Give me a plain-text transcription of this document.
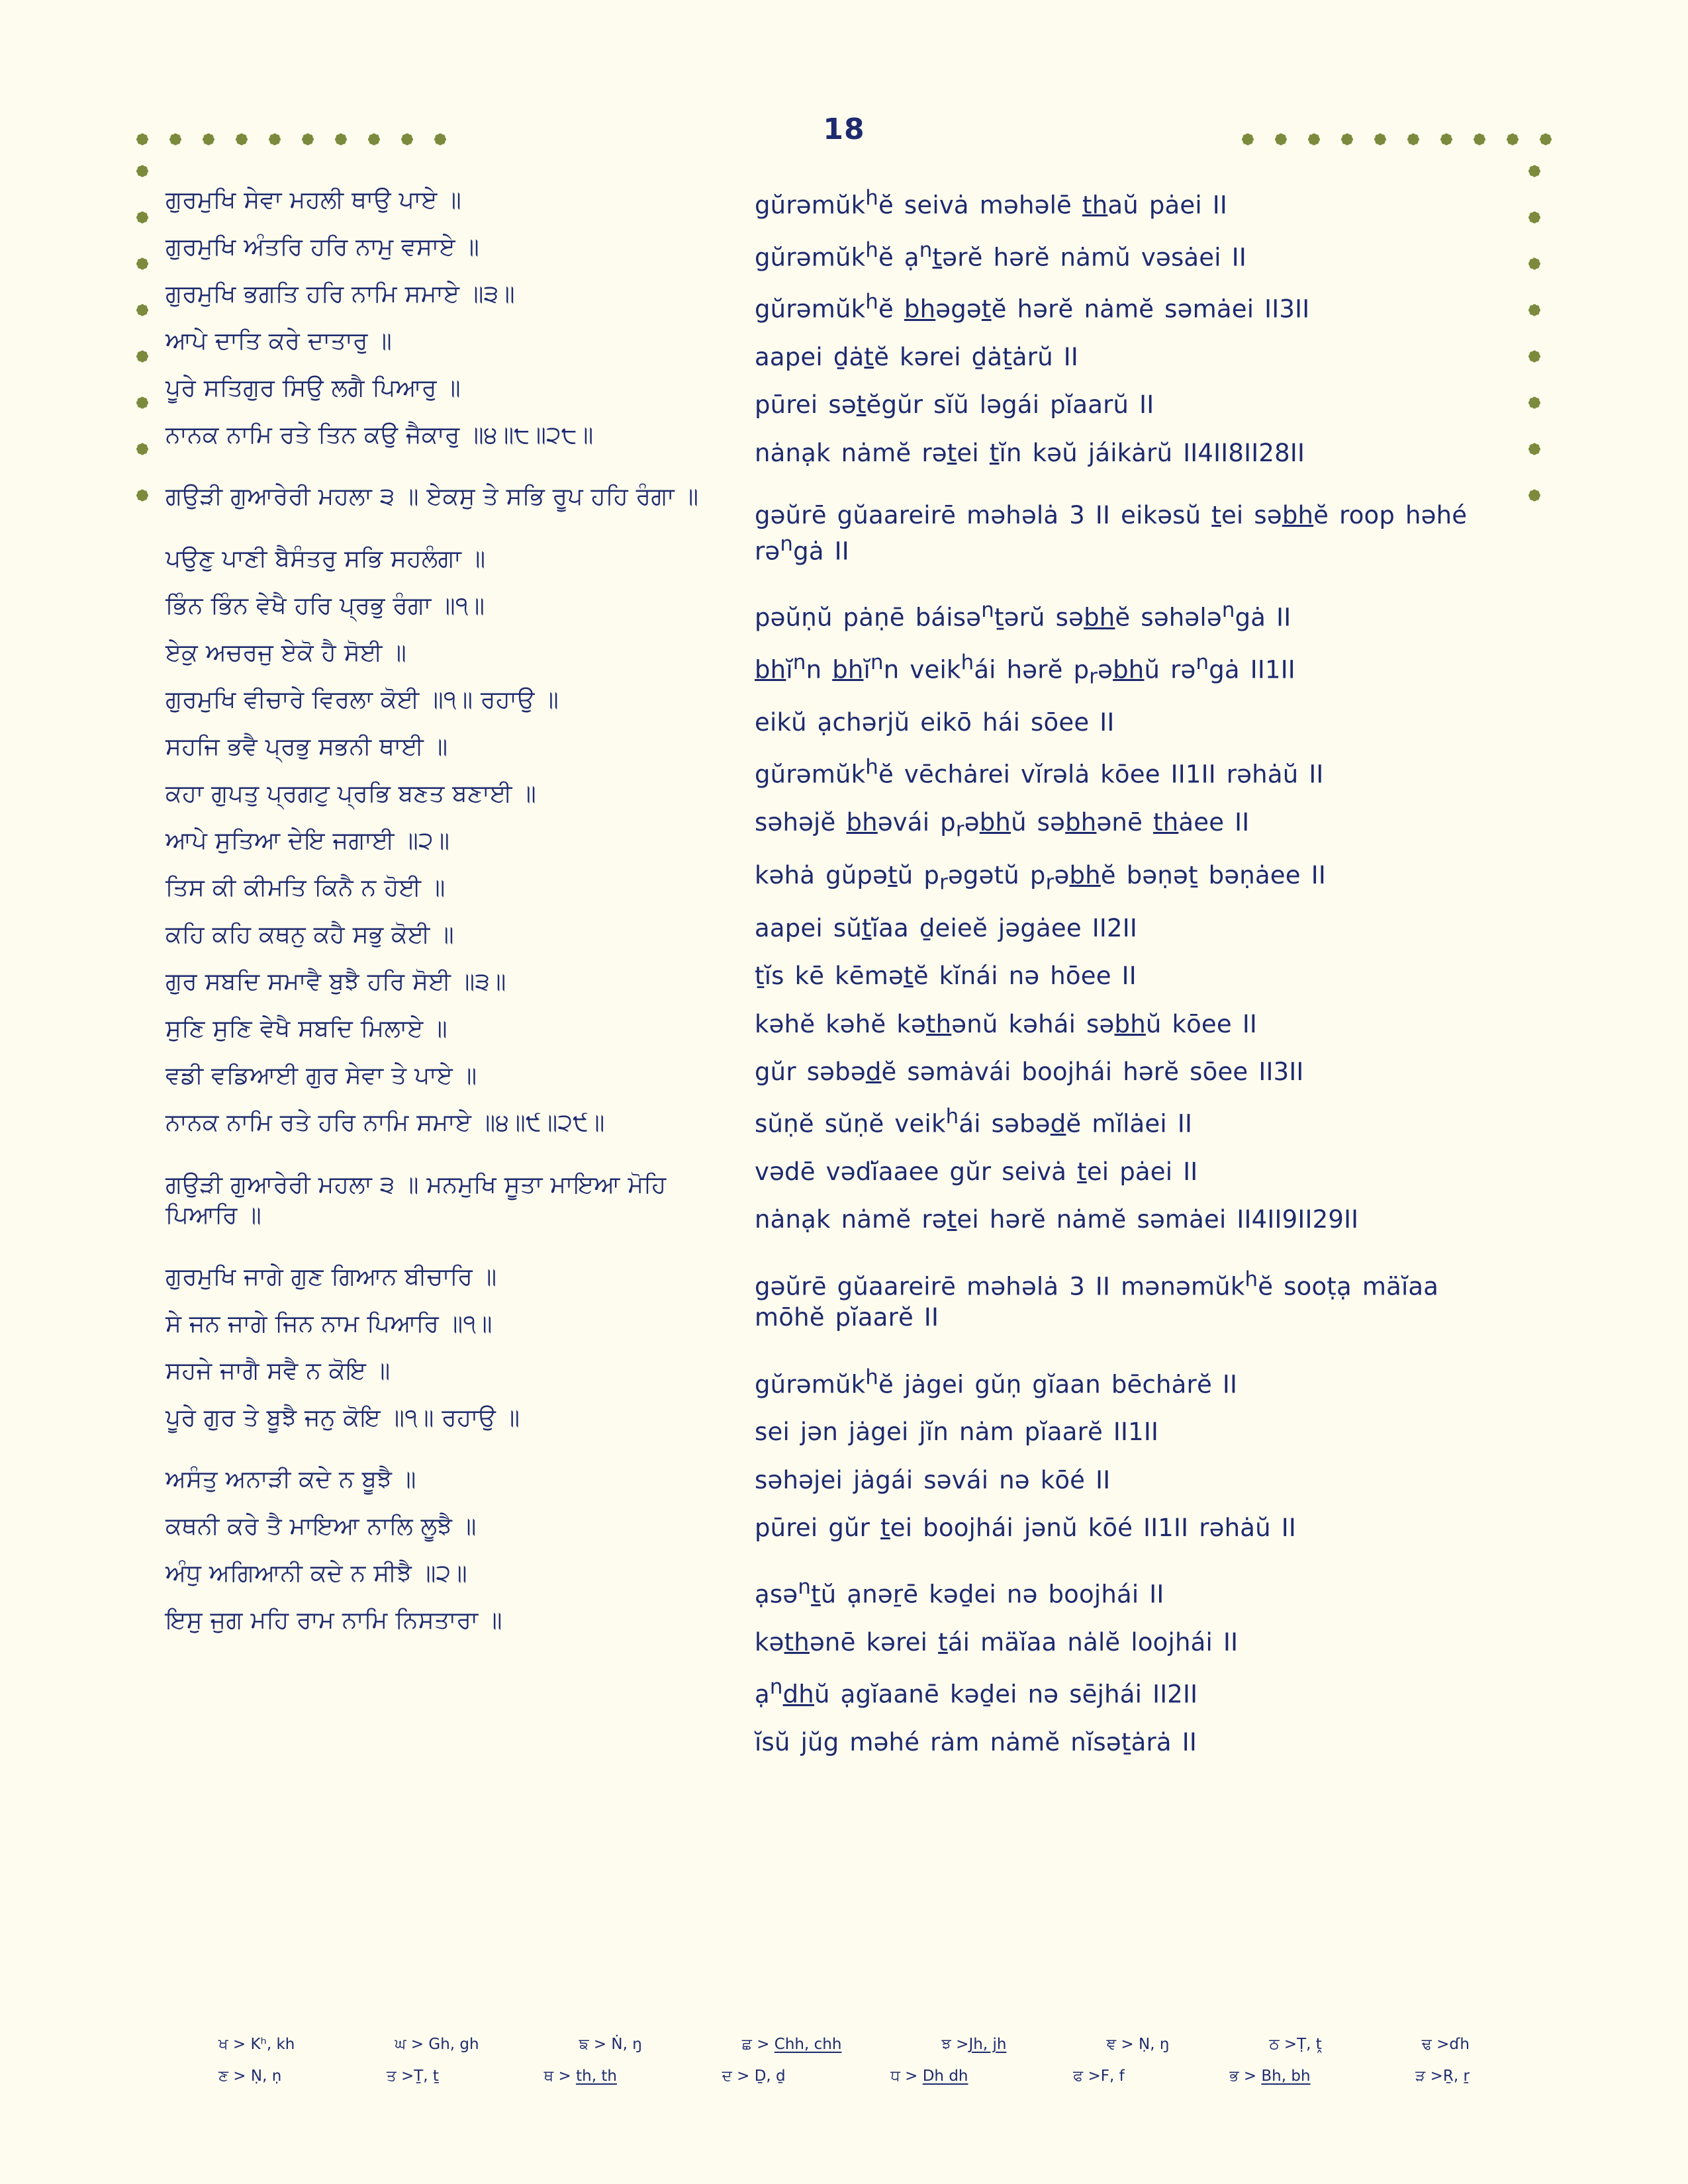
18
ਗੁਰਮੁਖਿ ਸੇਵਾ ਮਹਲੀ ਥਾਉ ਪਾਏ ॥
ਗੁਰਮੁਖਿ ਅੰਤਰਿ ਹਰਿ ਨਾਮੁ ਵਸਾਏ ॥
ਗੁਰਮੁਖਿ ਭਗਤਿ ਹਰਿ ਨਾਮਿ ਸਮਾਏ ॥੩॥
ਆਪੇ ਦਾਤਿ ਕਰੇ ਦਾਤਾਰੁ ॥
ਪੂਰੇ ਸਤਿਗੁਰ ਸਿਉ ਲਗੈ ਪਿਆਰੁ ॥
ਨਾਨਕ ਨਾਮਿ ਰਤੇ ਤਿਨ ਕਉ ਜੈਕਾਰੁ ॥੪॥੮॥੨੮॥
ਗਉੜੀ ਗੁਆਰੇਰੀ ਮਹਲਾ ੩ ॥ ਏਕਸੁ ਤੇ ਸਭਿ ਰੂਪ ਹਹਿ ਰੰਗਾ ॥
ਪਉਣੁ ਪਾਣੀ ਬੈਸੰਤਰੁ ਸਭਿ ਸਹਲੰਗਾ ॥
ਭਿੰਨ ਭਿੰਨ ਵੇਖੈ ਹਰਿ ਪ੍ਰਭੁ ਰੰਗਾ ॥੧॥
ਏਕੁ ਅਚਰਜੁ ਏਕੋ ਹੈ ਸੋਈ ॥
ਗੁਰਮੁਖਿ ਵੀਚਾਰੇ ਵਿਰਲਾ ਕੋਈ ॥੧॥ ਰਹਾਉ ॥
ਸਹਜਿ ਭਵੈ ਪ੍ਰਭੁ ਸਭਨੀ ਥਾਈ ॥
ਕਹਾ ਗੁਪਤੁ ਪ੍ਰਗਟੁ ਪ੍ਰਭਿ ਬਣਤ ਬਣਾਈ ॥
ਆਪੇ ਸੁਤਿਆ ਦੇਇ ਜਗਾਈ ॥੨॥
ਤਿਸ ਕੀ ਕੀਮਤਿ ਕਿਨੈ ਨ ਹੋਈ ॥
ਕਹਿ ਕਹਿ ਕਥਨੁ ਕਹੈ ਸਭੁ ਕੋਈ ॥
ਗੁਰ ਸਬਦਿ ਸਮਾਵੈ ਬੁਝੈ ਹਰਿ ਸੋਈ ॥੩॥
ਸੁਣਿ ਸੁਣਿ ਵੇਖੈ ਸਬਦਿ ਮਿਲਾਏ ॥
ਵਡੀ ਵਡਿਆਈ ਗੁਰ ਸੇਵਾ ਤੇ ਪਾਏ ॥
ਨਾਨਕ ਨਾਮਿ ਰਤੇ ਹਰਿ ਨਾਮਿ ਸਮਾਏ ॥੪॥੯॥੨੯॥
ਗਉੜੀ ਗੁਆਰੇਰੀ ਮਹਲਾ ੩ ॥ ਮਨਮੁਖਿ ਸੂਤਾ ਮਾਇਆ ਮੋਹਿ ਪਿਆਰਿ ॥
ਗੁਰਮੁਖਿ ਜਾਗੇ ਗੁਣ ਗਿਆਨ ਬੀਚਾਰਿ ॥
ਸੇ ਜਨ ਜਾਗੇ ਜਿਨ ਨਾਮ ਪਿਆਰਿ ॥੧॥
ਸਹਜੇ ਜਾਗੈ ਸਵੈ ਨ ਕੋਇ ॥
ਪੂਰੇ ਗੁਰ ਤੇ ਬੂਝੈ ਜਨੁ ਕੋਇ ॥੧॥ ਰਹਾਉ ॥
ਅਸੰਤੁ ਅਨਾੜੀ ਕਦੇ ਨ ਬੂਝੈ ॥
ਕਥਨੀ ਕਰੇ ਤੈ ਮਾਇਆ ਨਾਲਿ ਲੂਝੈ ॥
ਅੰਧੁ ਅਗਿਆਨੀ ਕਦੇ ਨ ਸੀਝੈ ॥੨॥
ਇਸੁ ਜੁਗ ਮਹਿ ਰਾਮ ਨਾਮਿ ਨਿਸਤਾਰਾ ॥
gŭrəmŭk$^h$ĕ seivȧ məhəlē thaŭ pȧei II
gŭrəmŭk$^h$ĕ ạ$^n$tərĕ hərĕ nȧmŭ vəsȧei II
gŭrəmŭk$^h$ĕ bhəgətĕ hərĕ nȧmĕ səmȧei II3II
aapei ḏȧtĕ kərei ḏȧṯȧrŭ II
pūrei sətĕgŭr sĭŭ ləgái pĭaarŭ II
nȧnạk nȧmĕ rətei tĭn kəŭ jáikȧrŭ II4II8II28II
gəŭrē gŭaareirē məhəlȧ 3 II eikəsŭ tei səbhĕ roop həhé rə$^n$gȧ II
pəŭṇŭ pȧṇē báisə$^n$ṯərŭ səbhĕ səhələ$^n$gȧ II
bhĭ$^n$n bhĭ$^n$n veik$^h$ái hərĕ $p_rəbhŭ$ rə$^n$gȧ II1II
eikŭ ạchərjŭ eikō hái sōee II
gŭrəmŭk$^h$ĕ vēchȧrei vĭrəlȧ kōee II1II rəhȧŭ II
səhəjĕ bhəvái $p_rəbhŭ$ səbhənē thȧee II
kəhȧ gŭpətŭ $p_rəgətŭ$ $p_rəbhĕ$ bəṇəṯ bəṇȧee II
aapei sŭtĭ̇aa ḏeieĕ jəgȧee II2II
ṯĭs kē kēmətĕ kĭnái nə hōee II
kəhĕ kəhĕ kəthənŭ kəhái səbhŭ kōee II
gŭr səbədĕ səmȧvái boojhái hərĕ sōee II3II
sŭṇĕ sŭṇĕ veik$^h$ái səbədĕ mĭlȧei II
vədē vədĭ̇aaee gŭr seivȧ tei pȧei II
nȧnạk nȧmĕ rətei hərĕ nȧmĕ səmȧei II4II9II29II
gəŭrē gŭaareirē məhəlȧ 3 II mənəmŭk$^h$ĕ sooṭạ mäĭaa mōhĕ pĭaarĕ II
gŭrəmŭk$^h$ĕ jȧgei gŭṇ gĭaan bēchȧrĕ II
sei jən jȧgei jĭn nȧm pĭaarĕ II1II
səhəjei jȧgái səvái nə kōé II
pūrei gŭr tei boojhái jənŭ kōé II1II rəhȧŭ II
ạsə$^n$tŭ ạnəṟē kəḏei nə boojhái II
kəthənē kərei tái mäĭaa nȧlĕ loojhái II
ạ$^n$dhŭ ạgĭaanē kəḏei nə sējhái II2II
ĭsŭ jŭg məhé rȧm nȧmĕ nĭsəṯȧrȧ II
ਖ > Kʰ, kh	ਘ > Gh, gh	ਙ > Ṅ, ŋ	ਛ > Chh, chh	ਝ >Jh, jh	ਞ > Ṇ, ŋ	ਠ >Ṭ, ṱ	ਢ >ɗh
ਣ > Ṇ, ṇ	ਤ >Ṯ, ṯ	ਥ > th, th	ਦ > Ḏ, ḏ	ਧ > Dh dh	ਫ >F, f	ਭ > Bh, bh	ੜ >Ṟ, ṟ
